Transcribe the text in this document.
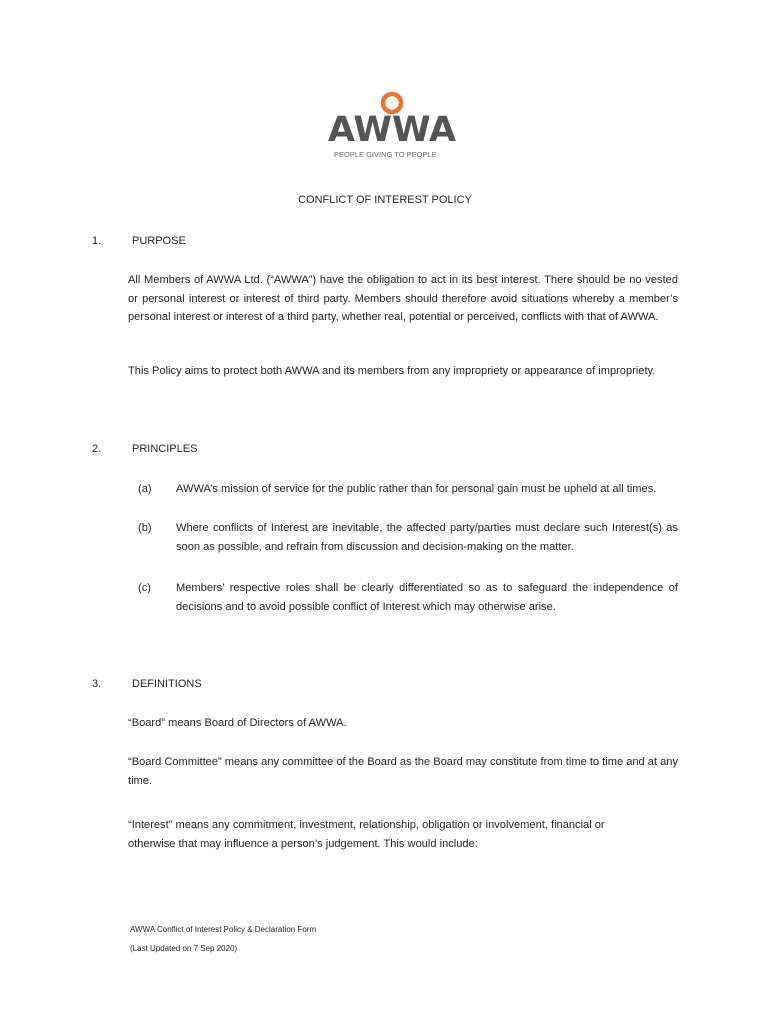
AWWA
PEOPLE GIVING TO PEOPLE
CONFLICT OF INTEREST POLICY
1.	PURPOSE

All Members of AWWA Ltd. (“AWWA”) have the obligation to act in its best interest. There should be no vested or personal interest or interest of third party. Members should therefore avoid situations whereby a member’s personal interest or interest of a third party, whether real, potential or perceived, conflicts with that of AWWA.

This Policy aims to protect both AWWA and its members from any impropriety or appearance of impropriety.

2.	PRINCIPLES
(a) AWWA’s mission of service for the public rather than for personal gain must be upheld at all times.

(b) Where conflicts of Interest are inevitable, the affected party/parties must declare such Interest(s) as soon as possible, and refrain from discussion and decision-making on the matter.

(c) Members’ respective roles shall be clearly differentiated so as to safeguard the independence of decisions and to avoid possible conflict of Interest which may otherwise arise.

3.	DEFINITIONS

“Board” means Board of Directors of AWWA.

“Board Committee” means any committee of the Board as the Board may constitute from time to time and at any time.

“Interest” means any commitment, investment, relationship, obligation or involvement, financial or otherwise that may influence a person’s judgement. This would include:

AWWA Conflict of Interest Policy & Declaration Form
(Last Updated on 7 Sep 2020)
